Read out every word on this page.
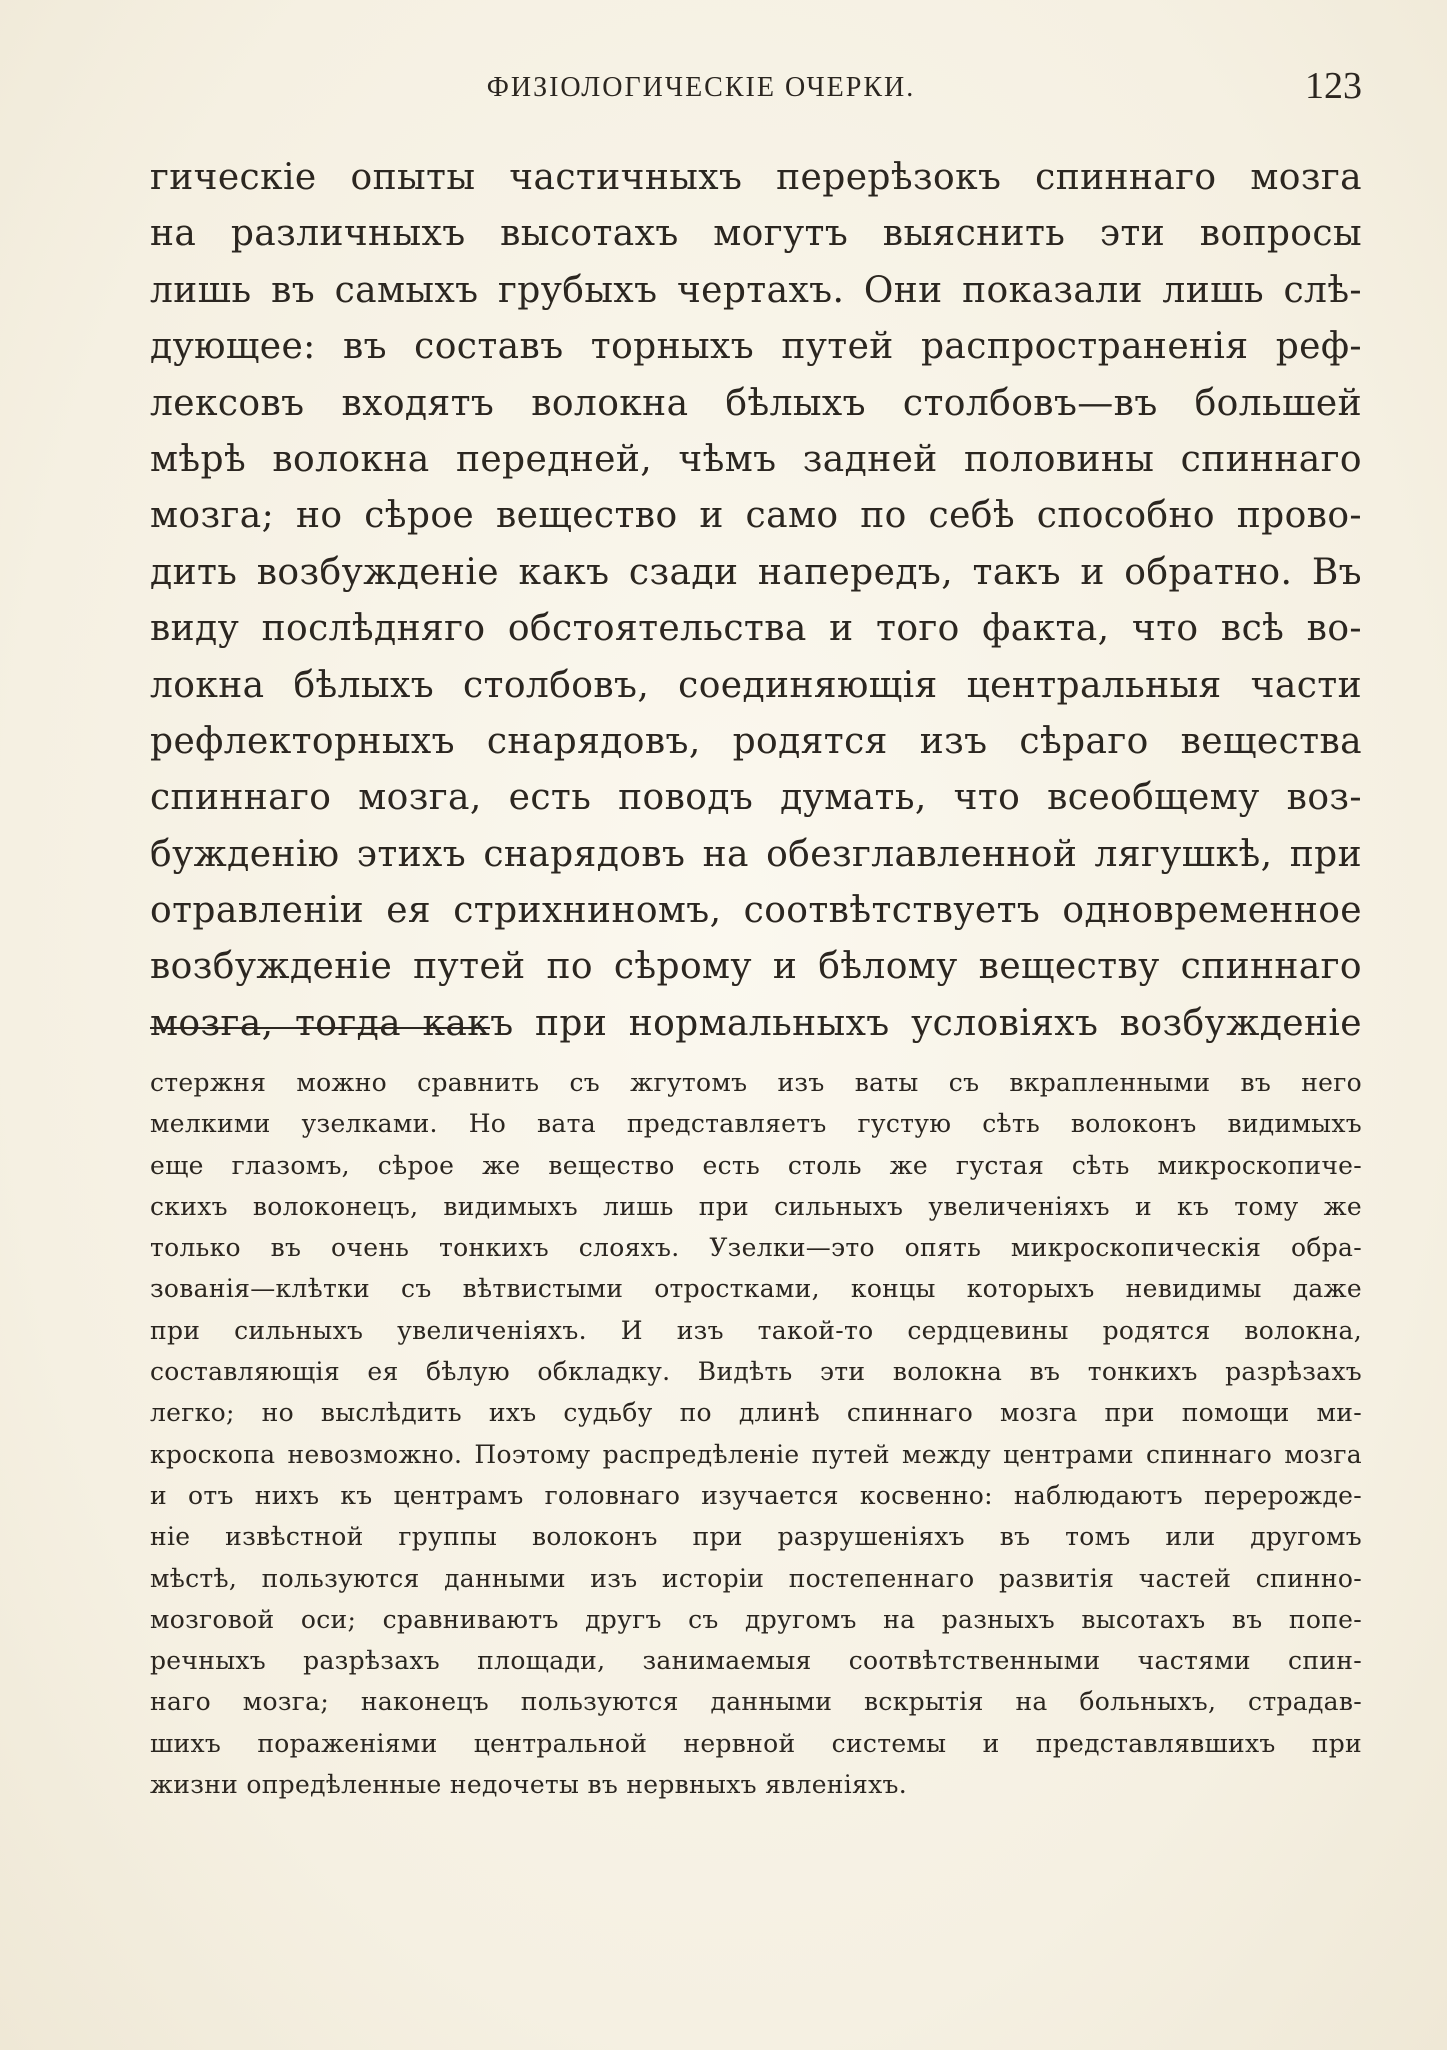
ФИЗІОЛОГИЧЕСКІЕ ОЧЕРКИ.	123
гическіе опыты частичныхъ перерѣзокъ спиннаго мозга
на различныхъ высотахъ могутъ выяснить эти вопросы
лишь въ самыхъ грубыхъ чертахъ. Они показали лишь слѣ-
дующее: въ составъ торныхъ путей распространенія реф-
лексовъ входятъ волокна бѣлыхъ столбовъ—въ большей
мѣрѣ волокна передней, чѣмъ задней половины спиннаго
мозга; но сѣрое вещество и само по себѣ способно прово-
дить возбужденіе какъ сзади напередъ, такъ и обратно. Въ
виду послѣдняго обстоятельства и того факта, что всѣ во-
локна бѣлыхъ столбовъ, соединяющія центральныя части
рефлекторныхъ снарядовъ, родятся изъ сѣраго вещества
спиннаго мозга, есть поводъ думать, что всеобщему воз-
бужденію этихъ снарядовъ на обезглавленной лягушкѣ, при
отравленіи ея стрихниномъ, соотвѣтствуетъ одновременное
возбужденіе путей по сѣрому и бѣлому веществу спиннаго
мозга, тогда какъ при нормальныхъ условіяхъ возбужденіе
стержня можно сравнить съ жгутомъ изъ ваты съ вкрапленными въ него
мелкими узелками. Но вата представляетъ густую сѣть волоконъ видимыхъ
еще глазомъ, сѣрое же вещество есть столь же густая сѣть микроскопиче-
скихъ волоконецъ, видимыхъ лишь при сильныхъ увеличеніяхъ и къ тому же
только въ очень тонкихъ слояхъ. Узелки—это опять микроскопическія обра-
зованія—клѣтки съ вѣтвистыми отростками, концы которыхъ невидимы даже
при сильныхъ увеличеніяхъ. И изъ такой-то сердцевины родятся волокна,
составляющія ея бѣлую обкладку. Видѣть эти волокна въ тонкихъ разрѣзахъ
легко; но выслѣдить ихъ судьбу по длинѣ спиннаго мозга при помощи ми-
кроскопа невозможно. Поэтому распредѣленіе путей между центрами спиннаго мозга
и отъ нихъ къ центрамъ головнаго изучается косвенно: наблюдаютъ перерожде-
ніе извѣстной группы волоконъ при разрушеніяхъ въ томъ или другомъ
мѣстѣ, пользуются данными изъ исторіи постепеннаго развитія частей спинно-
мозговой оси; сравниваютъ другъ съ другомъ на разныхъ высотахъ въ попе-
речныхъ разрѣзахъ площади, занимаемыя соотвѣтственными частями спин-
наго мозга; наконецъ пользуются данными вскрытія на больныхъ, страдав-
шихъ пораженіями центральной нервной системы и представлявшихъ при
жизни опредѣленные недочеты въ нервныхъ явленіяхъ.
